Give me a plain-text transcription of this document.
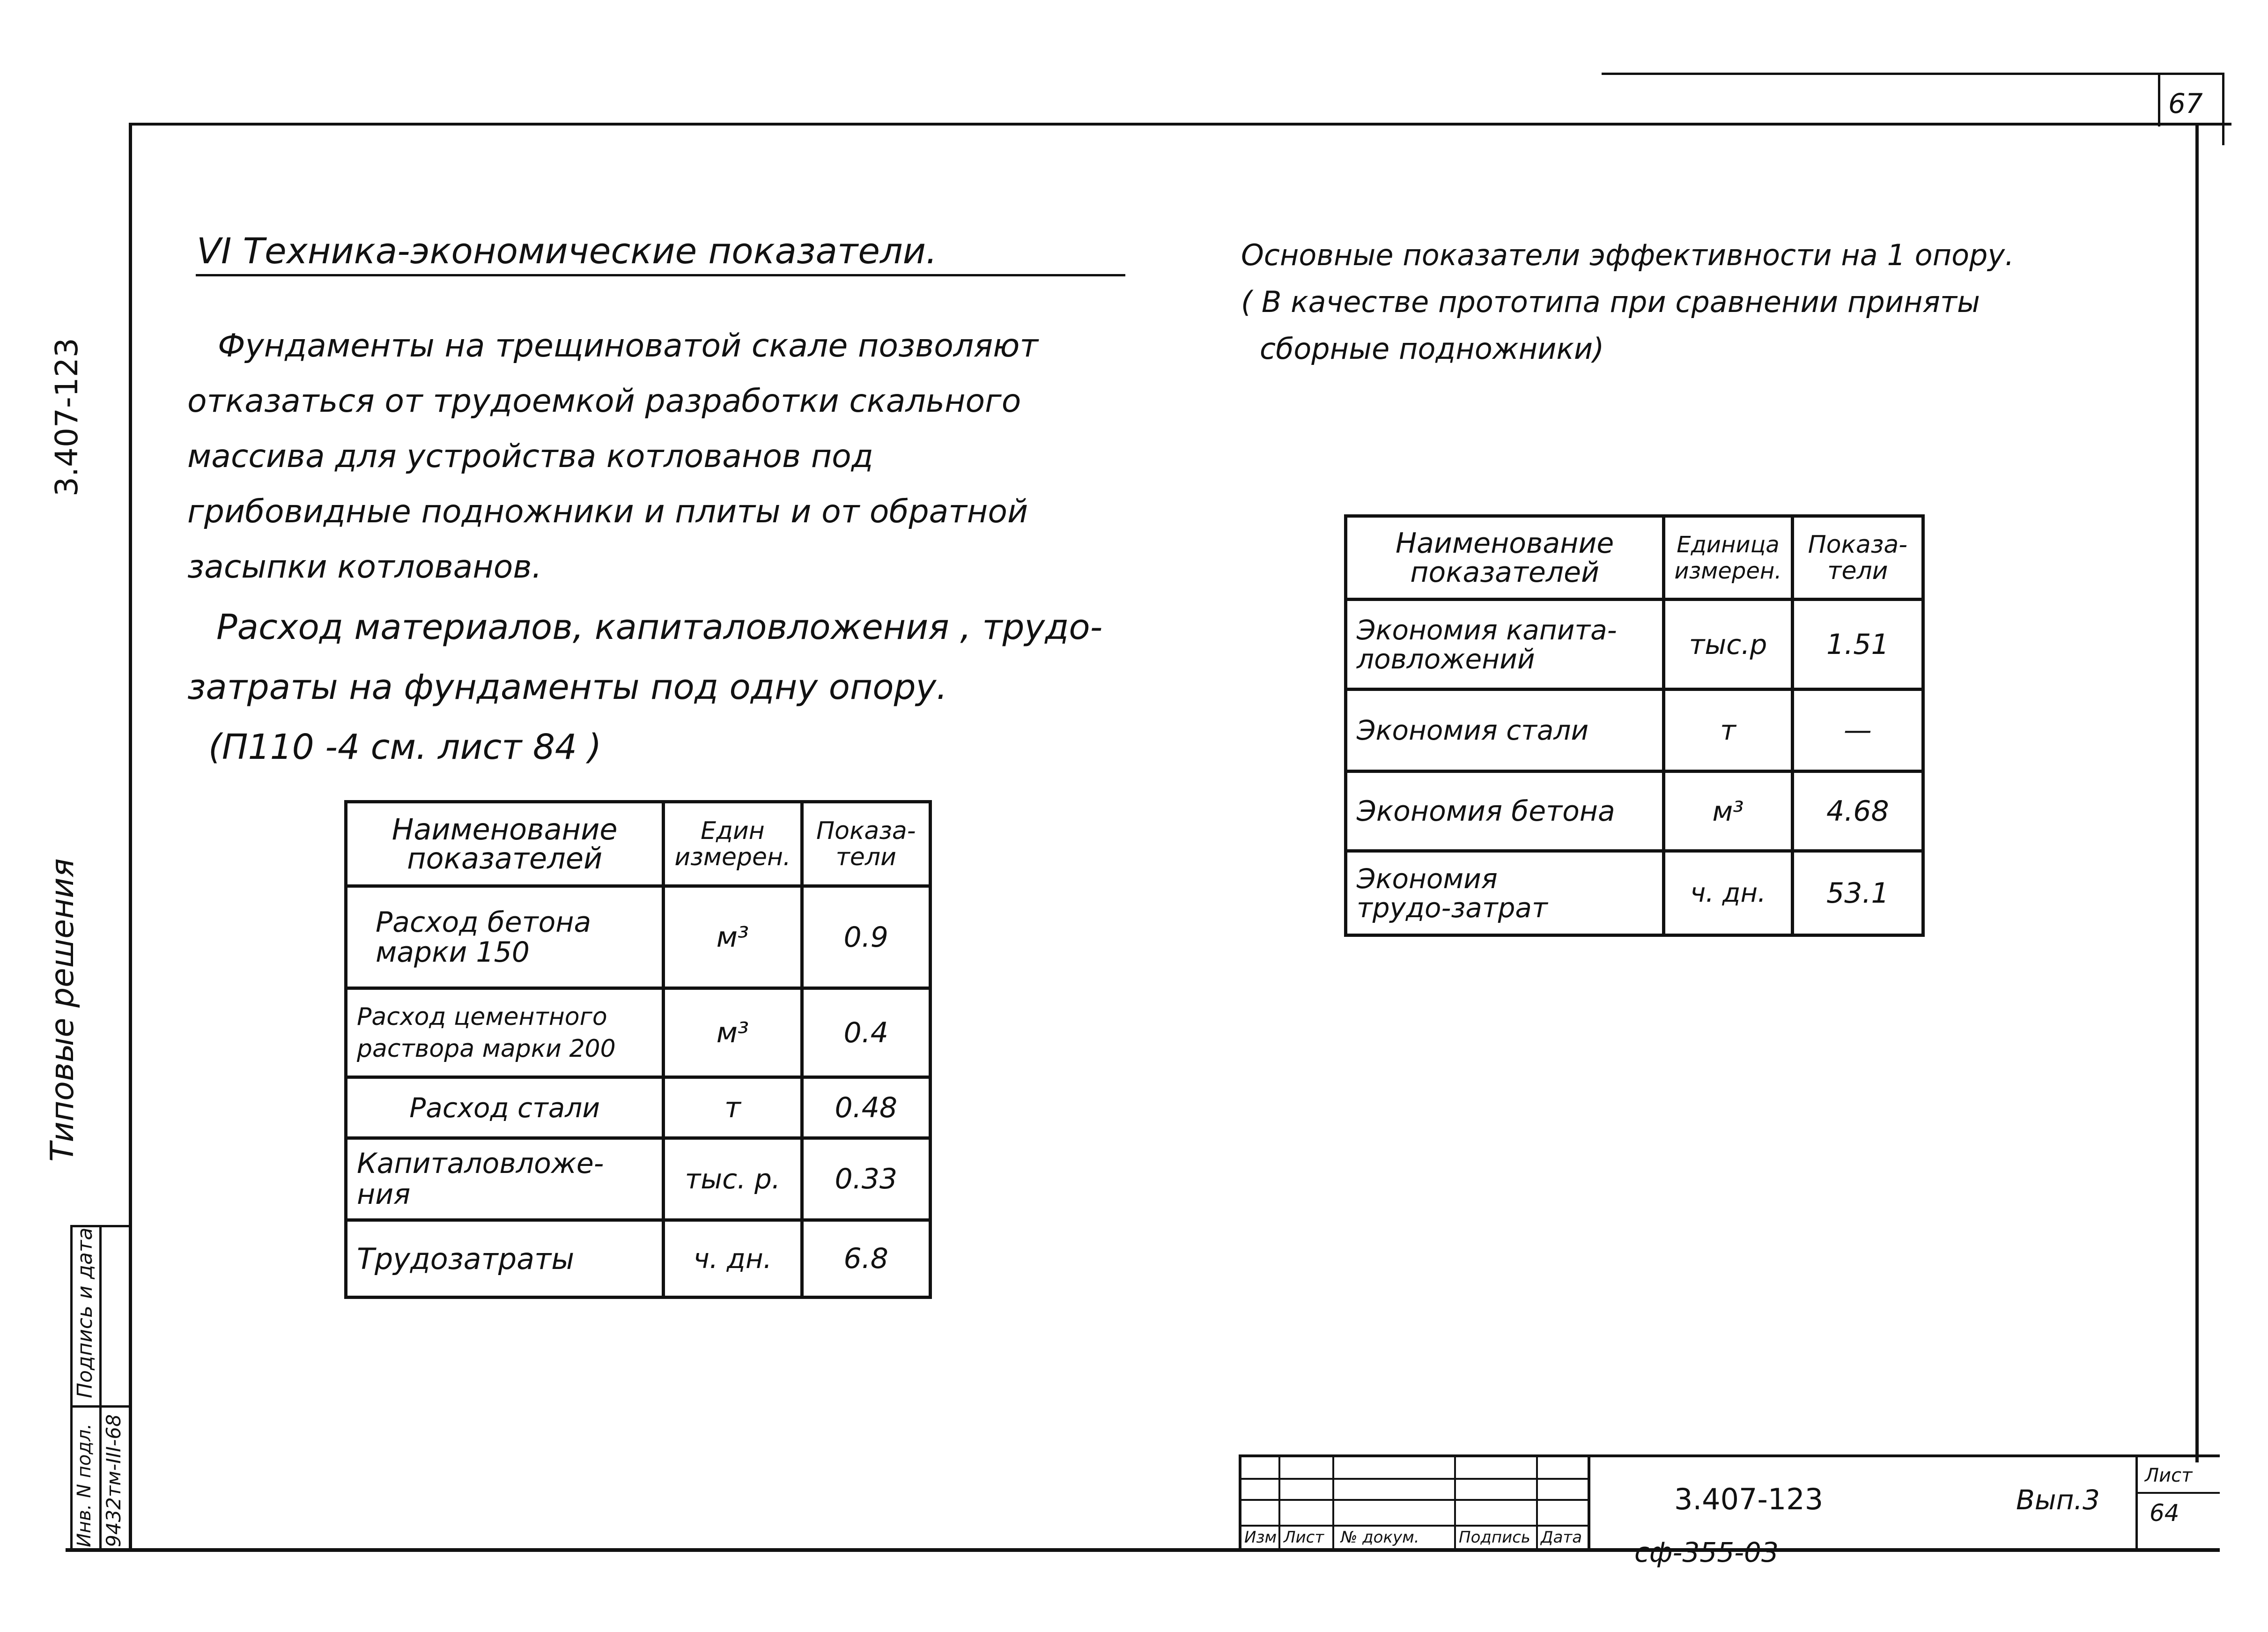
67
3.407-123
Типовые решения
Подпись и дата
Инв. N подл. 9432тм-III-68
VI Техника-экономические показатели.
Фундаменты на трещиноватой скале позволяют
отказаться от трудоемкой разработки скального
массива для устройства котлованов под
грибовидные подножники и плиты и от обратной
засыпки котлованов.
Расход материалов, капиталовложения , трудо-
затраты на фундаменты под одну опору.
(П110 -4 см. лист 84 )
Наименование показателей	Един измерен.	Показа-тели
Расход бетона марки 150	м³	0.9
Расход цементного раствора марки 200	м³	0.4
Расход стали	т	0.48
Капиталовложе-ния	тыс. р.	0.33
Трудозатраты	ч. дн.	6.8
Основные показатели эффективности на 1 опору.
( В качестве прототипа при сравнении приняты
сборные подножники)
Наименование показателей	Единица измерен.	Показа-тели
Экономия капита-ловложений	тыс.р	1.51
Экономия стали	т	—
Экономия бетона	м³	4.68
Экономия трудо-затрат	ч. дн.	53.1
Изм Лист № докум. Подпись Дата
3.407-123	Вып.3
Лист
64
сф-355-03
